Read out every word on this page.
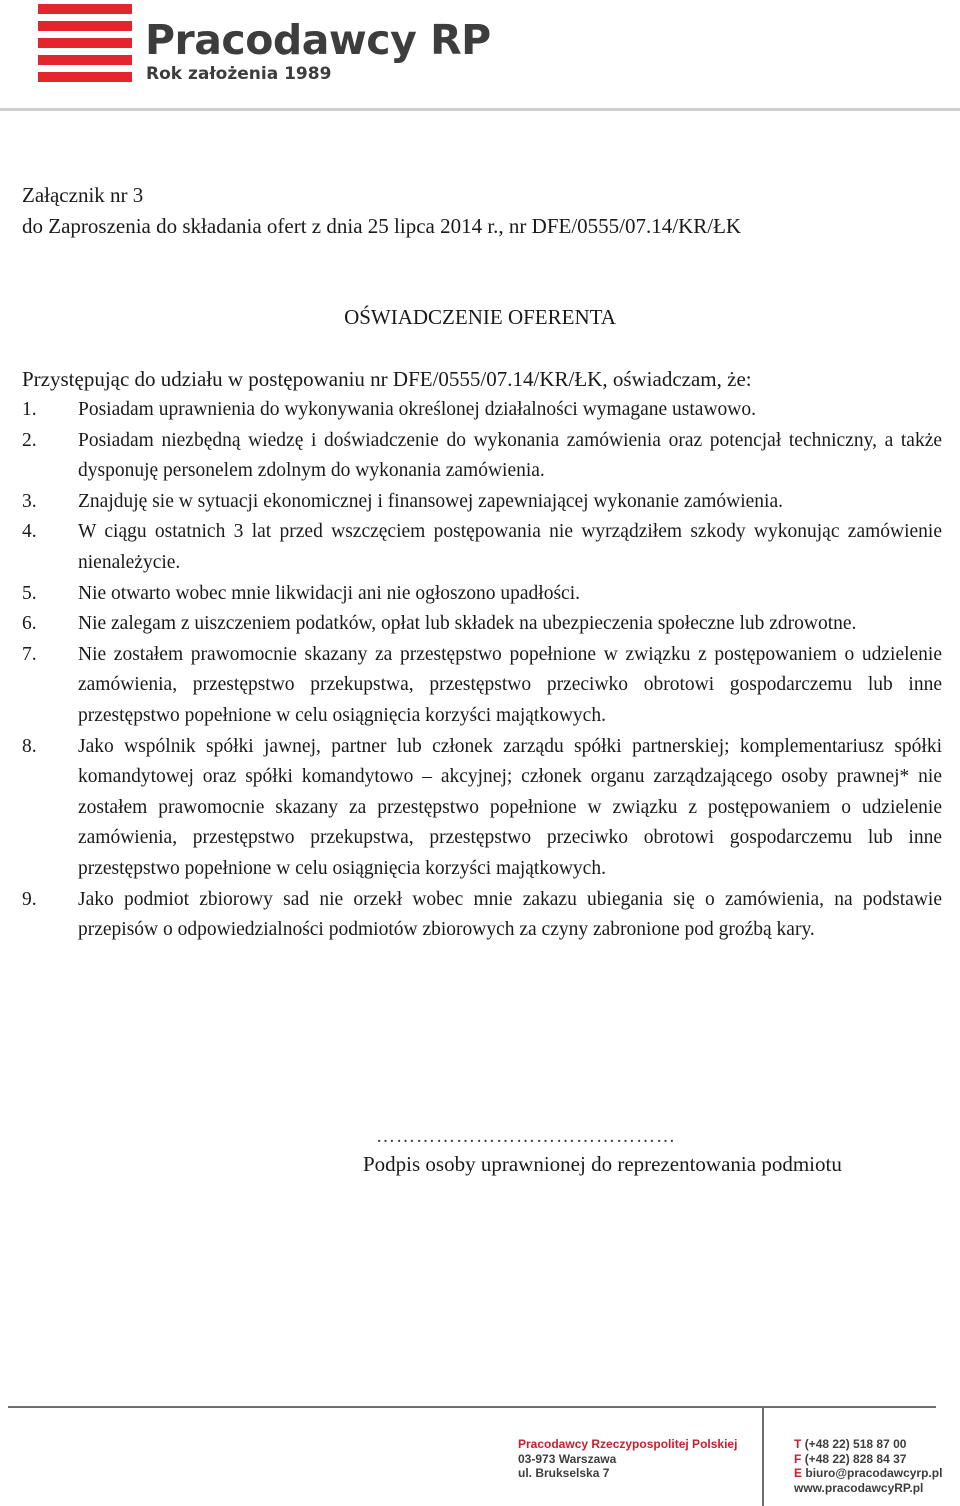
Pracodawcy RP
Rok założenia 1989
Załącznik nr 3
do Zaproszenia do składania ofert z dnia 25 lipca 2014 r., nr DFE/0555/07.14/KR/ŁK
OŚWIADCZENIE OFERENTA
Przystępując do udziału w postępowaniu nr DFE/0555/07.14/KR/ŁK, oświadczam, że:
1. Posiadam uprawnienia do wykonywania określonej działalności wymagane ustawowo.
2. Posiadam niezbędną wiedzę i doświadczenie do wykonania zamówienia oraz potencjał techniczny, a także dysponuję personelem zdolnym do wykonania zamówienia.
3. Znajduję sie w sytuacji ekonomicznej i finansowej zapewniającej wykonanie zamówienia.
4. W ciągu ostatnich 3 lat przed wszczęciem postępowania nie wyrządziłem szkody wykonując zamówienie nienależycie.
5. Nie otwarto wobec mnie likwidacji ani nie ogłoszono upadłości.
6. Nie zalegam z uiszczeniem podatków, opłat lub składek na ubezpieczenia społeczne lub zdrowotne.
7. Nie zostałem prawomocnie skazany za przestępstwo popełnione w związku z postępowaniem o udzielenie zamówienia, przestępstwo przekupstwa, przestępstwo przeciwko obrotowi gospodarczemu lub inne przestępstwo popełnione w celu osiągnięcia korzyści majątkowych.
8. Jako wspólnik spółki jawnej, partner lub członek zarządu spółki partnerskiej; komplementariusz spółki komandytowej oraz spółki komandytowo – akcyjnej; członek organu zarządzającego osoby prawnej* nie zostałem prawomocnie skazany za przestępstwo popełnione w związku z postępowaniem o udzielenie zamówienia, przestępstwo przekupstwa, przestępstwo przeciwko obrotowi gospodarczemu lub inne przestępstwo popełnione w celu osiągnięcia korzyści majątkowych.
9. Jako podmiot zbiorowy sad nie orzekł wobec mnie zakazu ubiegania się o zamówienia, na podstawie przepisów o odpowiedzialności podmiotów zbiorowych za czyny zabronione pod groźbą kary.
………………………………………
Podpis osoby uprawnionej do reprezentowania podmiotu
Pracodawcy Rzeczypospolitej Polskiej
03-973 Warszawa
ul. Brukselska 7
T (+48 22) 518 87 00
F (+48 22) 828 84 37
E biuro@pracodawcyrp.pl
www.pracodawcyRP.pl
